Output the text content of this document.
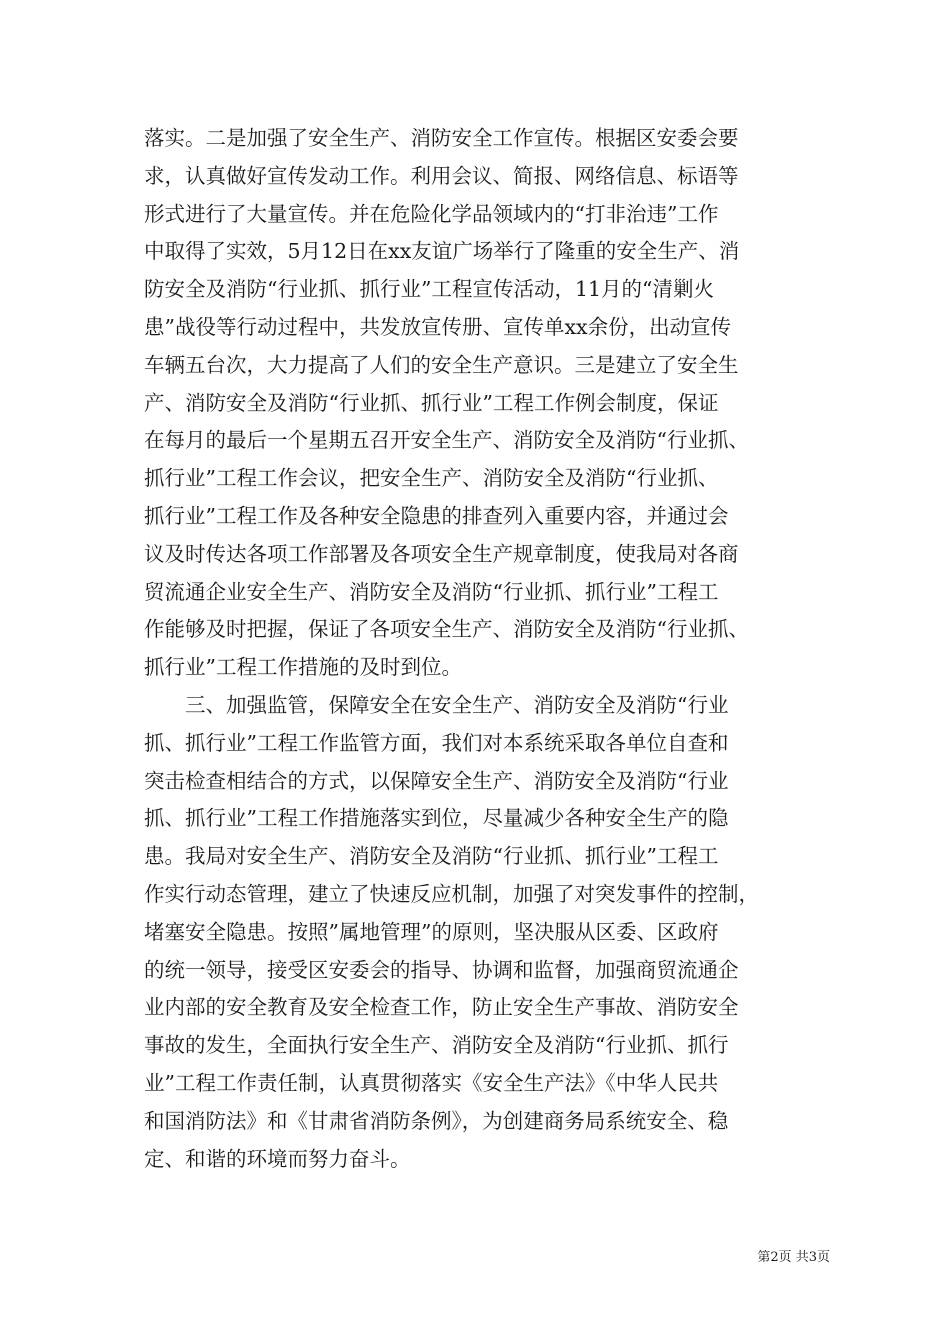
落实。二是加强了安全生产、消防安全工作宣传。根据区安委会要
求，认真做好宣传发动工作。利用会议、简报、网络信息、标语等
形式进行了大量宣传。并在危险化学品领域内的“打非治违”工作
中取得了实效，5月12日在xx友谊广场举行了隆重的安全生产、消
防安全及消防“行业抓、抓行业”工程宣传活动，11月的“清剿火
患”战役等行动过程中，共发放宣传册、宣传单xx余份，出动宣传
车辆五台次，大力提高了人们的安全生产意识。三是建立了安全生
产、消防安全及消防“行业抓、抓行业”工程工作例会制度，保证
在每月的最后一个星期五召开安全生产、消防安全及消防“行业抓、
抓行业”工程工作会议，把安全生产、消防安全及消防“行业抓、
抓行业”工程工作及各种安全隐患的排查列入重要内容，并通过会
议及时传达各项工作部署及各项安全生产规章制度，使我局对各商
贸流通企业安全生产、消防安全及消防“行业抓、抓行业”工程工
作能够及时把握，保证了各项安全生产、消防安全及消防“行业抓、
抓行业”工程工作措施的及时到位。

　　三、加强监管，保障安全在安全生产、消防安全及消防“行业
抓、抓行业”工程工作监管方面，我们对本系统采取各单位自查和
突击检查相结合的方式，以保障安全生产、消防安全及消防“行业
抓、抓行业”工程工作措施落实到位，尽量减少各种安全生产的隐
患。我局对安全生产、消防安全及消防“行业抓、抓行业”工程工
作实行动态管理，建立了快速反应机制，加强了对突发事件的控制，
堵塞安全隐患。按照”属地管理”的原则，坚决服从区委、区政府
的统一领导，接受区安委会的指导、协调和监督，加强商贸流通企
业内部的安全教育及安全检查工作，防止安全生产事故、消防安全
事故的发生，全面执行安全生产、消防安全及消防“行业抓、抓行
业”工程工作责任制，认真贯彻落实《安全生产法》《中华人民共
和国消防法》和《甘肃省消防条例》，为创建商务局系统安全、稳
定、和谐的环境而努力奋斗。

第2页 共3页
